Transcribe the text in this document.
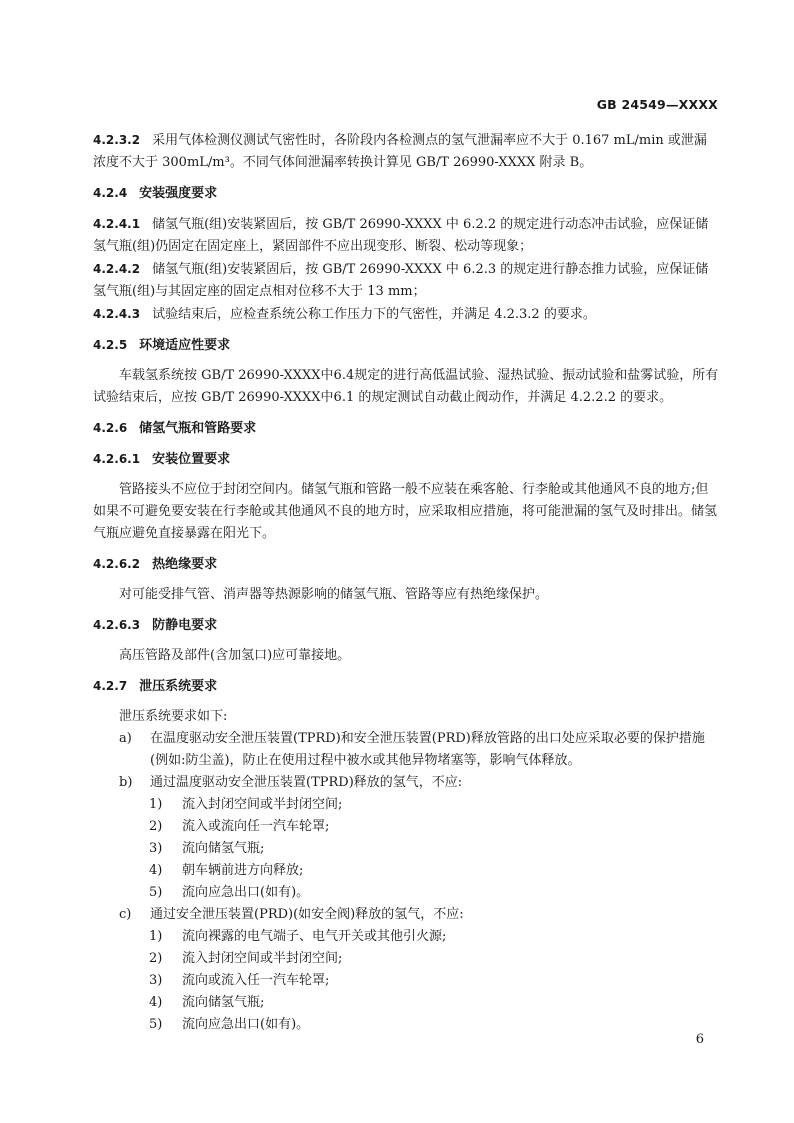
GB 24549—XXXX

4.2.3.2 采用气体检测仪测试气密性时，各阶段内各检测点的氢气泄漏率应不大于 0.167 mL/min 或泄漏浓度不大于 300mL/m³。不同气体间泄漏率转换计算见 GB/T 26990-XXXX 附录 B。

4.2.4 安装强度要求

4.2.4.1 储氢气瓶(组)安装紧固后，按 GB/T 26990-XXXX 中 6.2.2 的规定进行动态冲击试验，应保证储氢气瓶(组)仍固定在固定座上，紧固部件不应出现变形、断裂、松动等现象；

4.2.4.2 储氢气瓶(组)安装紧固后，按 GB/T 26990-XXXX 中 6.2.3 的规定进行静态推力试验，应保证储氢气瓶(组)与其固定座的固定点相对位移不大于 13 mm；

4.2.4.3 试验结束后，应检查系统公称工作压力下的气密性，并满足 4.2.3.2 的要求。

4.2.5 环境适应性要求

车载氢系统按 GB/T 26990-XXXX中6.4规定的进行高低温试验、湿热试验、振动试验和盐雾试验，所有试验结束后，应按 GB/T 26990-XXXX中6.1 的规定测试自动截止阀动作，并满足 4.2.2.2 的要求。

4.2.6 储氢气瓶和管路要求
4.2.6.1 安装位置要求

管路接头不应位于封闭空间内。储氢气瓶和管路一般不应装在乘客舱、行李舱或其他通风不良的地方;但如果不可避免要安装在行李舱或其他通风不良的地方时，应采取相应措施，将可能泄漏的氢气及时排出。储氢气瓶应避免直接暴露在阳光下。

4.2.6.2 热绝缘要求

对可能受排气管、消声器等热源影响的储氢气瓶、管路等应有热绝缘保护。

4.2.6.3 防静电要求

高压管路及部件(含加氢口)应可靠接地。

4.2.7 泄压系统要求

泄压系统要求如下:

a)	在温度驱动安全泄压装置(TPRD)和安全泄压装置(PRD)释放管路的出口处应采取必要的保护措施(例如:防尘盖)，防止在使用过程中被水或其他异物堵塞等，影响气体释放。
b)	通过温度驱动安全泄压装置(TPRD)释放的氢气，不应:
1)	流入封闭空间或半封闭空间;
2)	流入或流向任一汽车轮罩;
3)	流向储氢气瓶;
4)	朝车辆前进方向释放;
5)	流向应急出口(如有)。
c)	通过安全泄压装置(PRD)(如安全阀)释放的氢气，不应:
1)	流向裸露的电气端子、电气开关或其他引火源;
2)	流入封闭空间或半封闭空间;
3)	流向或流入任一汽车轮罩;
4)	流向储氢气瓶;
5)	流向应急出口(如有)。
6
